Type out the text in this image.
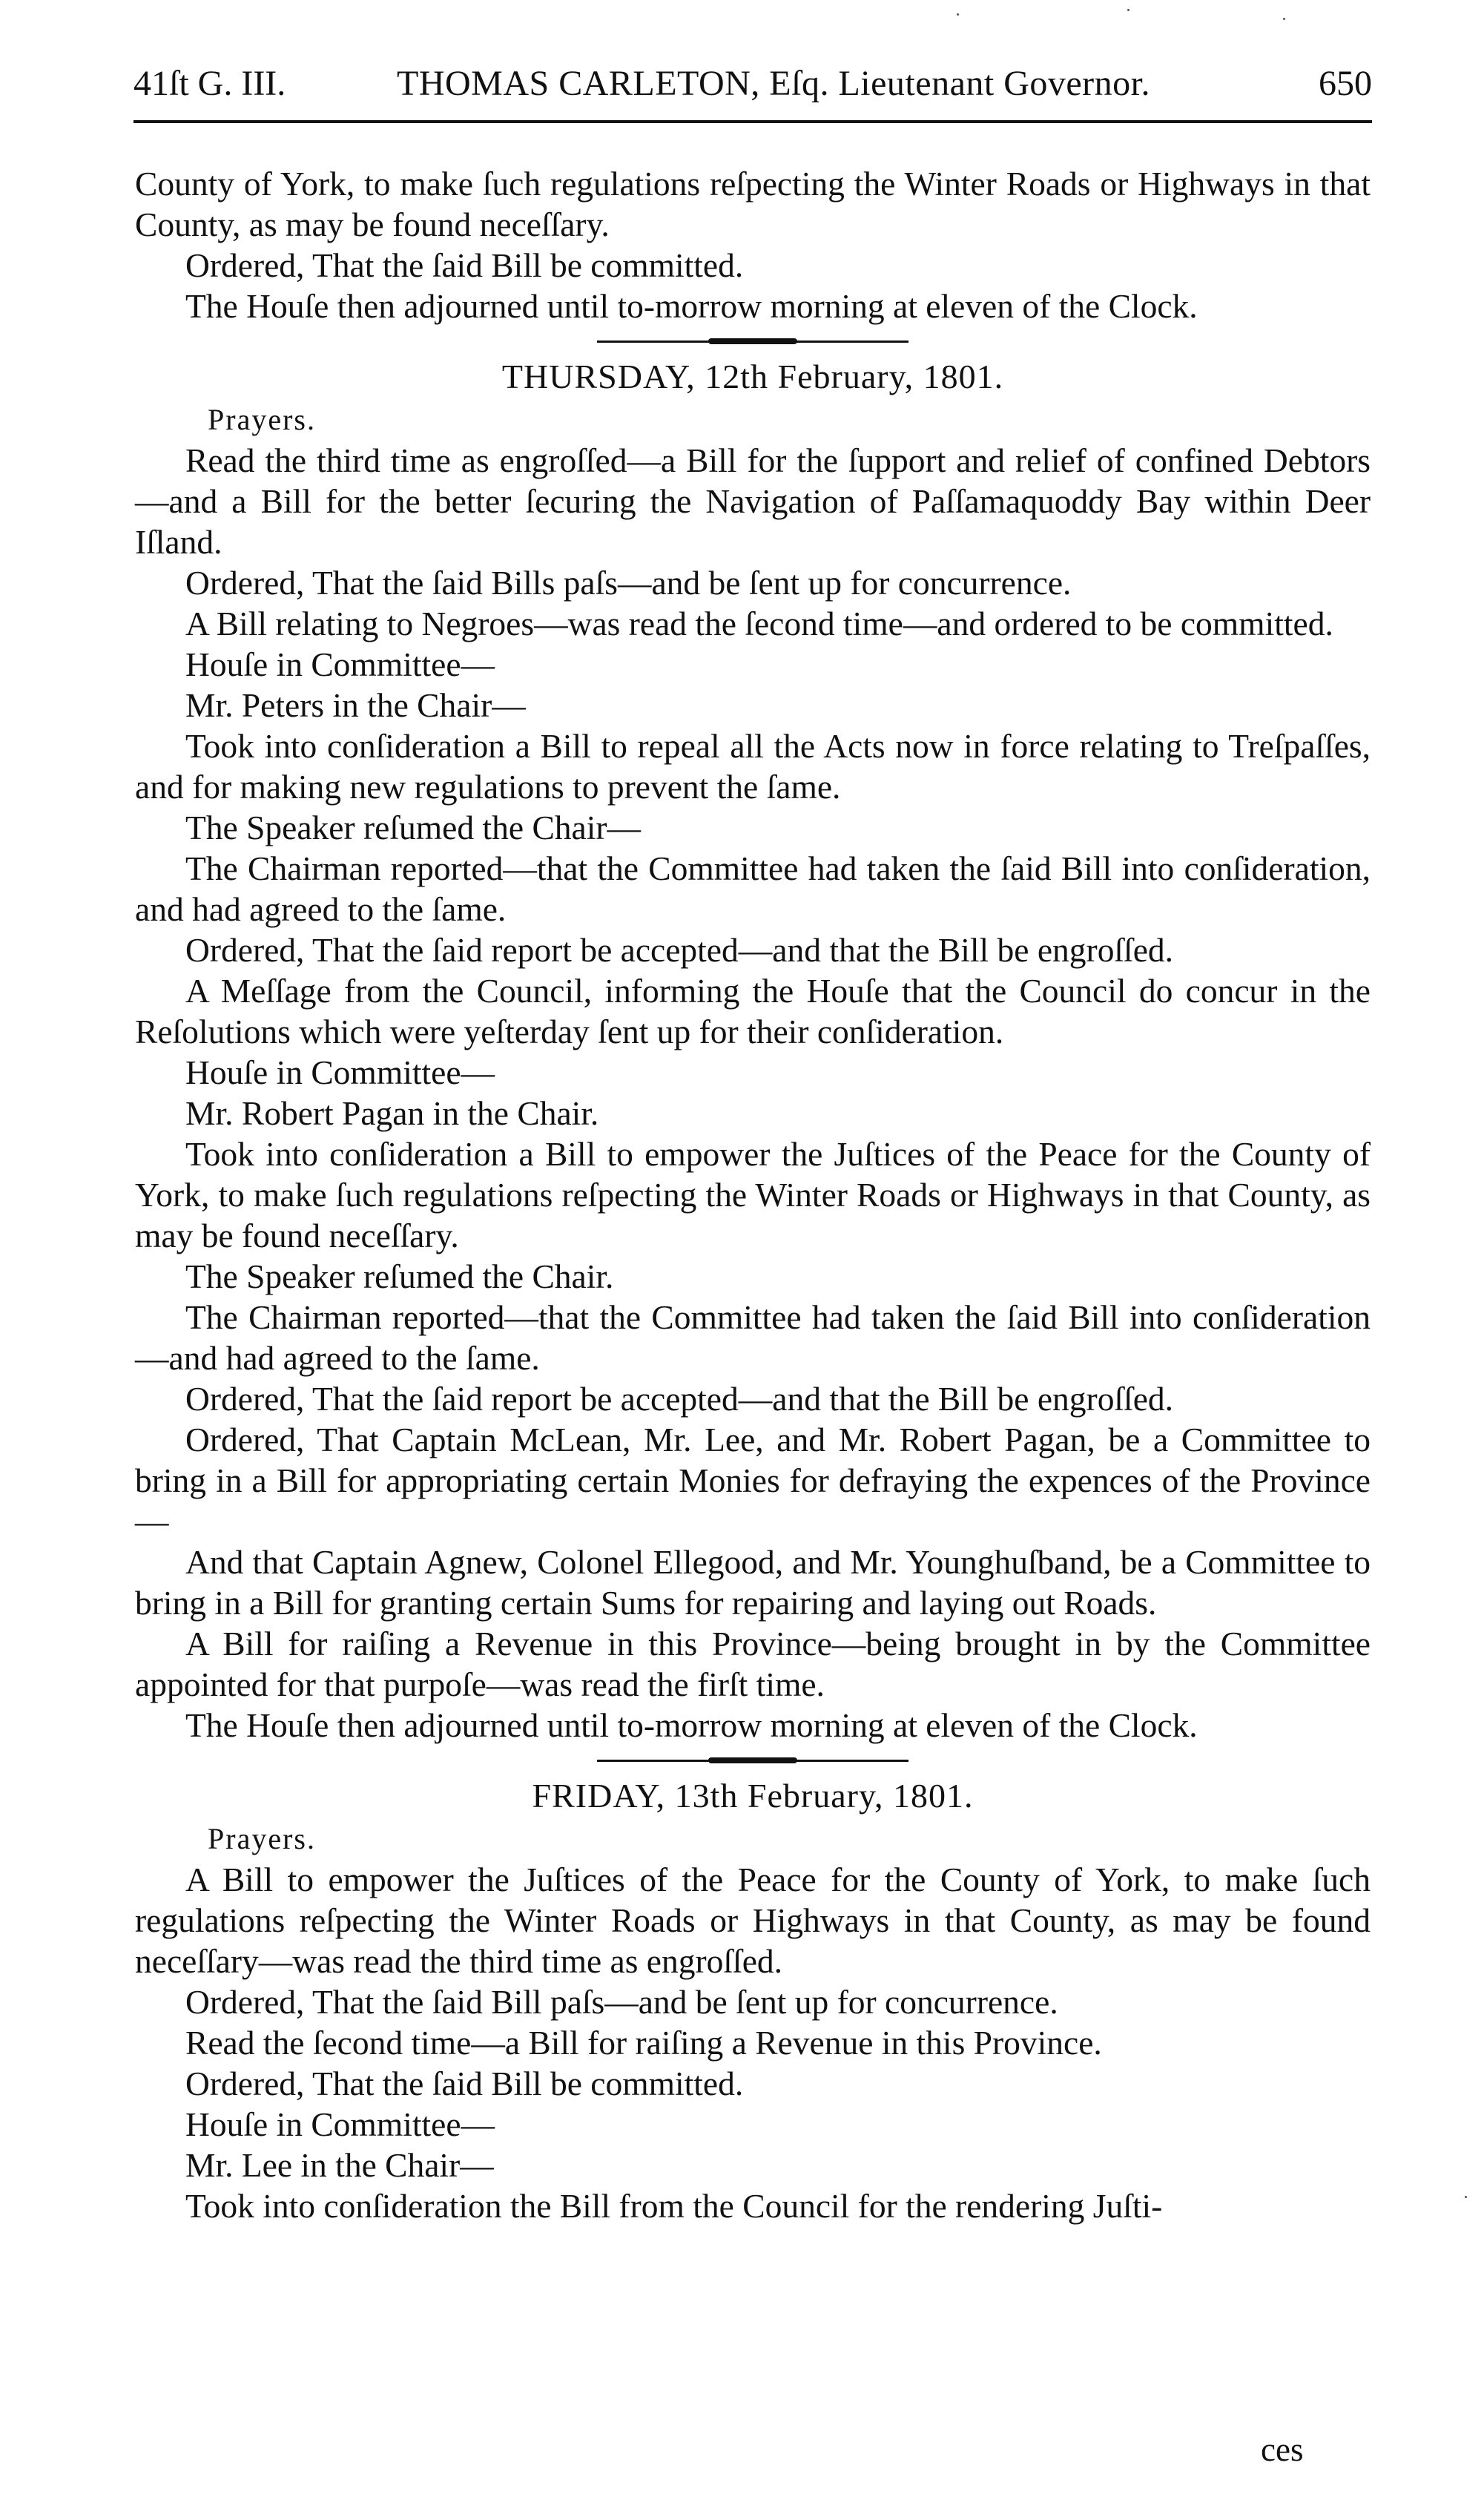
41ſt G. III.	THOMAS CARLETON, Eſq. Lieutenant Governor.	650

County of York, to make ſuch regulations reſpecting the Winter Roads or Highways in that County, as may be found neceſſary.

Ordered, That the ſaid Bill be committed.

The Houſe then adjourned until to-morrow morning at eleven of the Clock.

THURSDAY, 12th February, 1801.

Prayers.

Read the third time as engroſſed—a Bill for the ſupport and relief of confined Debtors—and a Bill for the better ſecuring the Navigation of Paſſamaquoddy Bay within Deer Iſland.

Ordered, That the ſaid Bills paſs—and be ſent up for concurrence.

A Bill relating to Negroes—was read the ſecond time—and ordered to be committed.

Houſe in Committee—

Mr. Peters in the Chair—

Took into conſideration a Bill to repeal all the Acts now in force relating to Treſpaſſes, and for making new regulations to prevent the ſame.

The Speaker reſumed the Chair—

The Chairman reported—that the Committee had taken the ſaid Bill into conſideration, and had agreed to the ſame.

Ordered, That the ſaid report be accepted—and that the Bill be engroſſed.

A Meſſage from the Council, informing the Houſe that the Council do concur in the Reſolutions which were yeſterday ſent up for their conſideration.

Houſe in Committee—

Mr. Robert Pagan in the Chair.

Took into conſideration a Bill to empower the Juſtices of the Peace for the County of York, to make ſuch regulations reſpecting the Winter Roads or Highways in that County, as may be found neceſſary.

The Speaker reſumed the Chair.

The Chairman reported—that the Committee had taken the ſaid Bill into conſideration—and had agreed to the ſame.

Ordered, That the ſaid report be accepted—and that the Bill be engroſſed.

Ordered, That Captain McLean, Mr. Lee, and Mr. Robert Pagan, be a Committee to bring in a Bill for appropriating certain Monies for defraying the expences of the Province—

And that Captain Agnew, Colonel Ellegood, and Mr. Younghuſband, be a Committee to bring in a Bill for granting certain Sums for repairing and laying out Roads.

A Bill for raiſing a Revenue in this Province—being brought in by the Committee appointed for that purpoſe—was read the firſt time.

The Houſe then adjourned until to-morrow morning at eleven of the Clock.

FRIDAY, 13th February, 1801.

Prayers.

A Bill to empower the Juſtices of the Peace for the County of York, to make ſuch regulations reſpecting the Winter Roads or Highways in that County, as may be found neceſſary—was read the third time as engroſſed.

Ordered, That the ſaid Bill paſs—and be ſent up for concurrence.

Read the ſecond time—a Bill for raiſing a Revenue in this Province.

Ordered, That the ſaid Bill be committed.

Houſe in Committee—

Mr. Lee in the Chair—

Took into conſideration the Bill from the Council for the rendering Juſti-

ces
